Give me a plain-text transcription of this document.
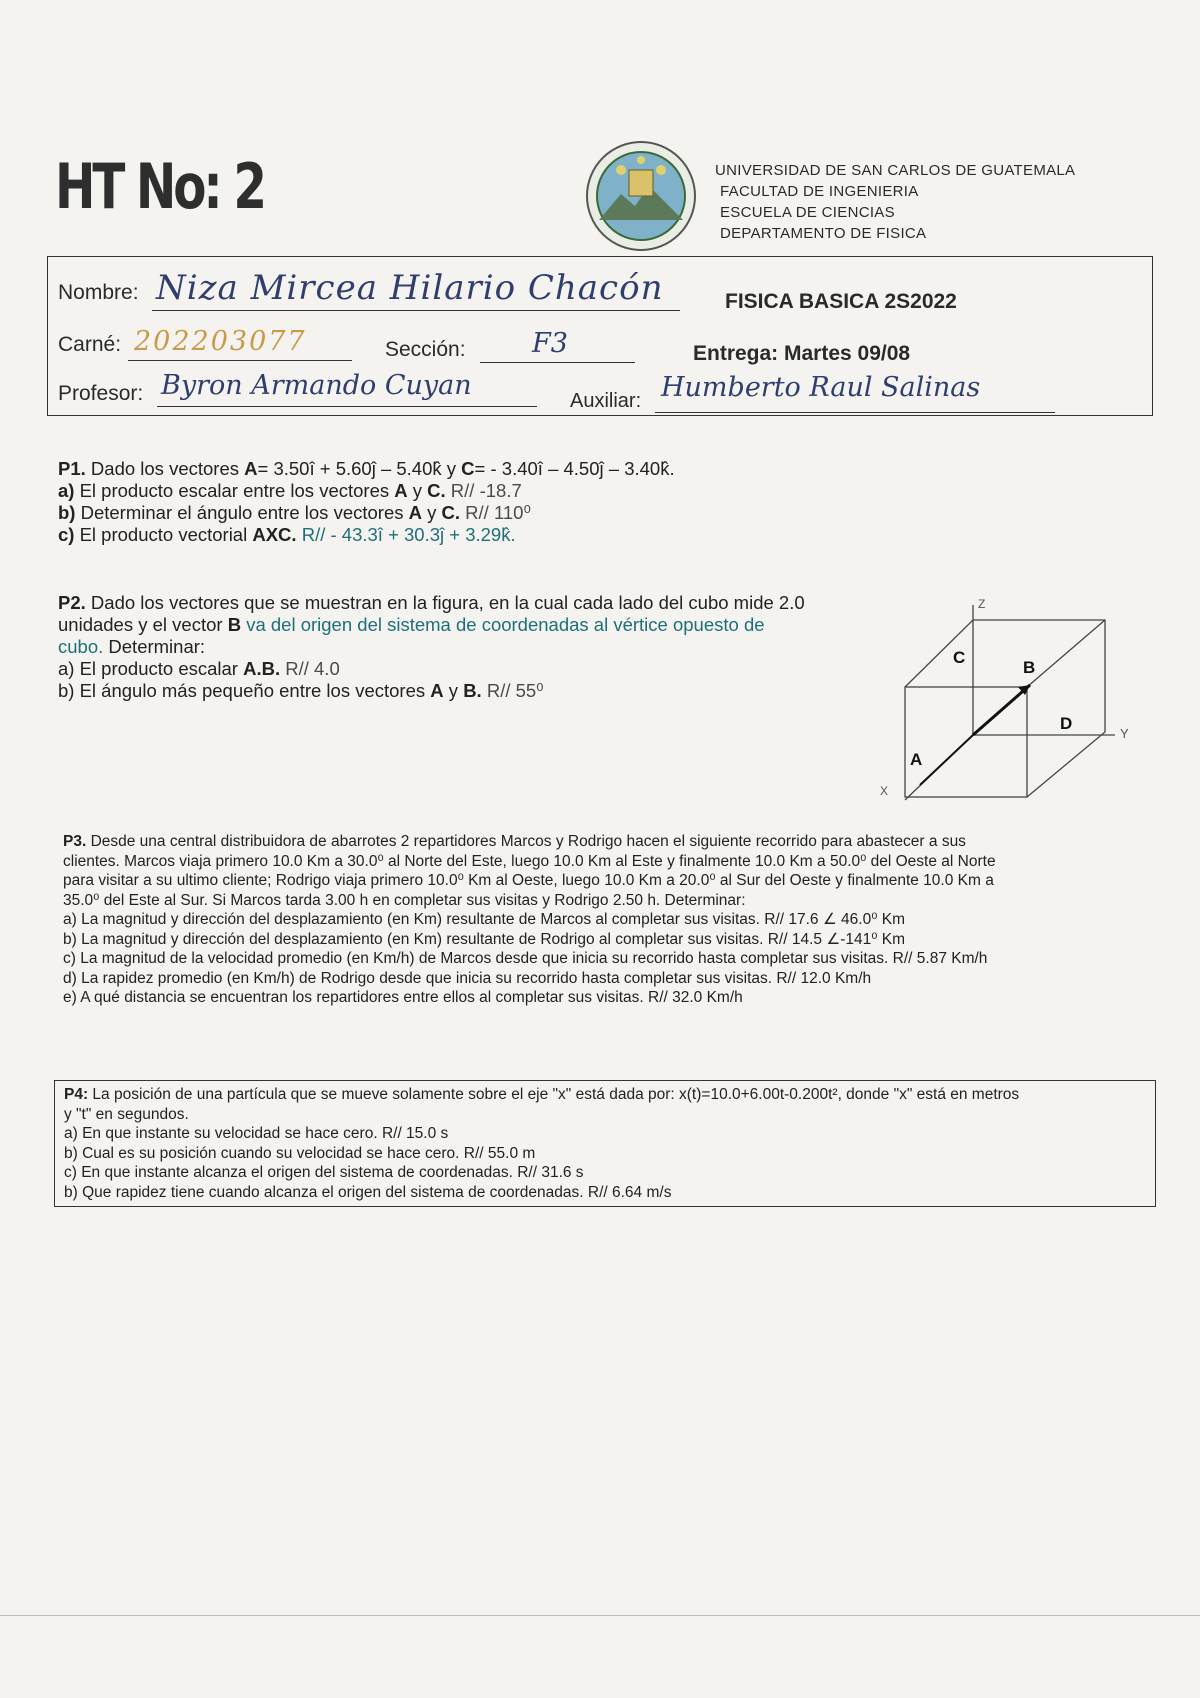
HT No: 2	UNIVERSIDAD DE SAN CARLOS DE GUATEMALA
FACULTAD DE INGENIERIA
ESCUELA DE CIENCIAS
DEPARTAMENTO DE FISICA
Nombre: Niza Mircea Hilario Chacón	FISICA BASICA 2S2022
Carné: 202203077	Sección: F3	Entrega: Martes 09/08
Profesor: Byron Armando Cuyan	Auxiliar: Humberto Raul Salinas
P1. Dado los vectores A= 3.50î + 5.60ĵ – 5.40k̂ y C= - 3.40î – 4.50ĵ – 3.40k̂.
a) El producto escalar entre los vectores A y C. R// -18.7
b) Determinar el ángulo entre los vectores A y C. R// 110⁰
c) El producto vectorial AXC. R// - 43.3î + 30.3ĵ + 3.29k̂.
P2. Dado los vectores que se muestran en la figura, en la cual cada lado del cubo mide 2.0
unidades y el vector B va del origen del sistema de coordenadas al vértice opuesto de
cubo. Determinar:
a) El producto escalar A.B. R// 4.0
b) El ángulo más pequeño entre los vectores A y B. R// 55⁰
Z
Y
X
C
B
D
A
P3. Desde una central distribuidora de abarrotes 2 repartidores Marcos y Rodrigo hacen el siguiente recorrido para abastecer a sus
clientes. Marcos viaja primero 10.0 Km a 30.0⁰ al Norte del Este, luego 10.0 Km al Este y finalmente 10.0 Km a 50.0⁰ del Oeste al Norte
para visitar a su ultimo cliente; Rodrigo viaja primero 10.0⁰ Km al Oeste, luego 10.0 Km a 20.0⁰ al Sur del Oeste y finalmente 10.0 Km a
35.0⁰ del Este al Sur. Si Marcos tarda 3.00 h en completar sus visitas y Rodrigo 2.50 h. Determinar:
a) La magnitud y dirección del desplazamiento (en Km) resultante de Marcos al completar sus visitas. R// 17.6 ∠ 46.0⁰ Km
b) La magnitud y dirección del desplazamiento (en Km) resultante de Rodrigo al completar sus visitas. R// 14.5 ∠-141⁰ Km
c) La magnitud de la velocidad promedio (en Km/h) de Marcos desde que inicia su recorrido hasta completar sus visitas. R// 5.87 Km/h
d) La rapidez promedio (en Km/h) de Rodrigo desde que inicia su recorrido hasta completar sus visitas. R// 12.0 Km/h
e) A qué distancia se encuentran los repartidores entre ellos al completar sus visitas. R// 32.0 Km/h
P4: La posición de una partícula que se mueve solamente sobre el eje "x" está dada por: x(t)=10.0+6.00t-0.200t², donde "x" está en metros
y "t" en segundos.
a) En que instante su velocidad se hace cero. R// 15.0 s
b) Cual es su posición cuando su velocidad se hace cero. R// 55.0 m
c) En que instante alcanza el origen del sistema de coordenadas. R// 31.6 s
b) Que rapidez tiene cuando alcanza el origen del sistema de coordenadas. R// 6.64 m/s
